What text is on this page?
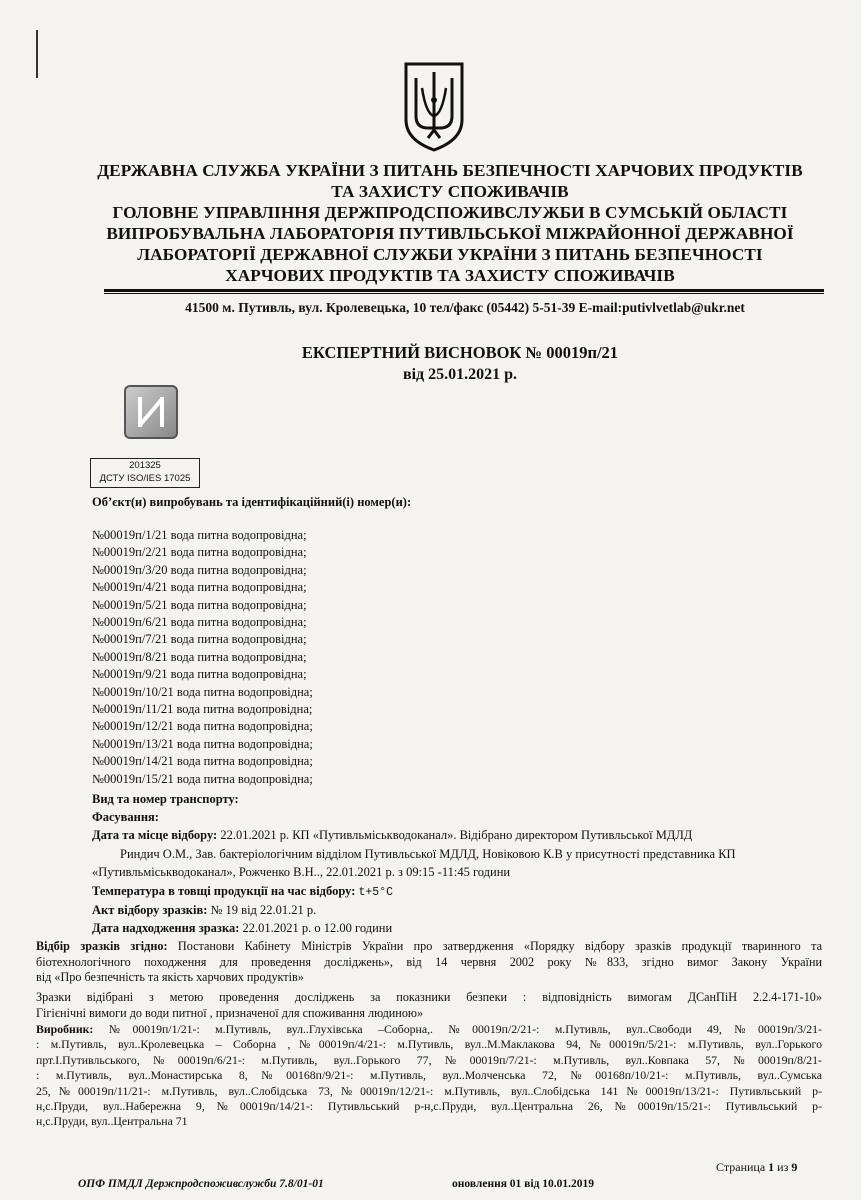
ДЕРЖАВНА СЛУЖБА УКРАЇНИ З ПИТАНЬ БЕЗПЕЧНОСТІ ХАРЧОВИХ ПРОДУКТІВ
ТА ЗАХИСТУ СПОЖИВАЧІВ
ГОЛОВНЕ УПРАВЛІННЯ ДЕРЖПРОДСПОЖИВСЛУЖБИ В СУМСЬКІЙ ОБЛАСТІ
ВИПРОБУВАЛЬНА ЛАБОРАТОРІЯ ПУТИВЛЬСЬКОЇ МІЖРАЙОННОЇ ДЕРЖАВНОЇ
ЛАБОРАТОРІЇ ДЕРЖАВНОЇ СЛУЖБИ УКРАЇНИ З ПИТАНЬ БЕЗПЕЧНОСТІ
ХАРЧОВИХ ПРОДУКТІВ ТА ЗАХИСТУ СПОЖИВАЧІВ
41500 м. Путивль, вул. Кролевецька, 10 тел/факс (05442) 5-51-39 E-mail:putivlvetlab@ukr.net
ЕКСПЕРТНИЙ ВИСНОВОК № 00019п/21
від 25.01.2021 р.
201325
ДСТУ ISO/IES 17025
Об’єкт(и) випробувань та ідентифікаційний(і) номер(и):
№00019п/1/21 вода питна водопровідна;
№00019п/2/21 вода питна водопровідна;
№00019п/3/20 вода питна водопровідна;
№00019п/4/21 вода питна водопровідна;
№00019п/5/21 вода питна водопровідна;
№00019п/6/21 вода питна водопровідна;
№00019п/7/21 вода питна водопровідна;
№00019п/8/21 вода питна водопровідна;
№00019п/9/21 вода питна водопровідна;
№00019п/10/21 вода питна водопровідна;
№00019п/11/21 вода питна водопровідна;
№00019п/12/21 вода питна водопровідна;
№00019п/13/21 вода питна водопровідна;
№00019п/14/21 вода питна водопровідна;
№00019п/15/21 вода питна водопровідна;
Вид та номер транспорту:
Фасування:
Дата та місце відбору: 22.01.2021 р. КП «Путивльміськводоканал». Відібрано директором Путивльської МДЛД
Риндич О.М., Зав. бактеріологічним відділом Путивльської МДЛД, Новіковою К.В у присутності представника КП
«Путивльміськводоканал», Рожченко В.Н.., 22.01.2021 р. з 09:15 -11:45 години
Температура в товщі продукції на час відбору: t+5°C
Акт відбору зразків: № 19 від 22.01.21 р.
Дата надходження зразка: 22.01.2021 р. о 12.00 години
Відбір зразків згідно: Постанови Кабінету Міністрів України про затвердження «Порядку відбору зразків продукції тваринного та
біотехнологічного походження для проведення досліджень», від 14 червня 2002 року №833, згідно вимог Закону України
від «Про безпечність та якість харчових продуктів»
Зразки відібрані з метою проведення досліджень за показники безпеки : відповідність вимогам ДСанПіН 2.2.4-171-10»
Гігієнічні вимоги до води питної , призначеної для споживання людиною»
Виробник: №00019п/1/21-: м.Путивль, вул..Глухівська –Соборна,. №00019п/2/21-: м.Путивль, вул..Свободи 49,№00019п/3/21-
: м.Путивль, вул..Кролевецька – Соборна ,№00019п/4/21-: м.Путивль, вул..М.Маклакова 94,№00019п/5/21-: м.Путивль, вул..Горького
прт.І.Путивльського,№00019п/6/21-: м.Путивль, вул..Горького 77,№00019п/7/21-: м.Путивль, вул..Ковпака 57,№00019п/8/21-
: м.Путивль, вул..Монастирська 8,№00168п/9/21-: м.Путивль, вул..Молченська 72,№00168п/10/21-: м.Путивль, вул..Сумська
25,№00019п/11/21-: м.Путивль, вул..Слобідська 73,№00019п/12/21-: м.Путивль, вул..Слобідська 141№00019п/13/21-: Путивльський р-
н,с.Пруди, вул..Набережна 9,№00019п/14/21-: Путивльський р-н,с.Пруди, вул..Центральна 26,№00019п/15/21-: Путивльський р-
н,с.Пруди, вул..Центральна 71
Страница 1 из 9
ОПФ ПМДЛ Держпродспоживслужби 7.8/01-01	оновлення 01 від 10.01.2019
